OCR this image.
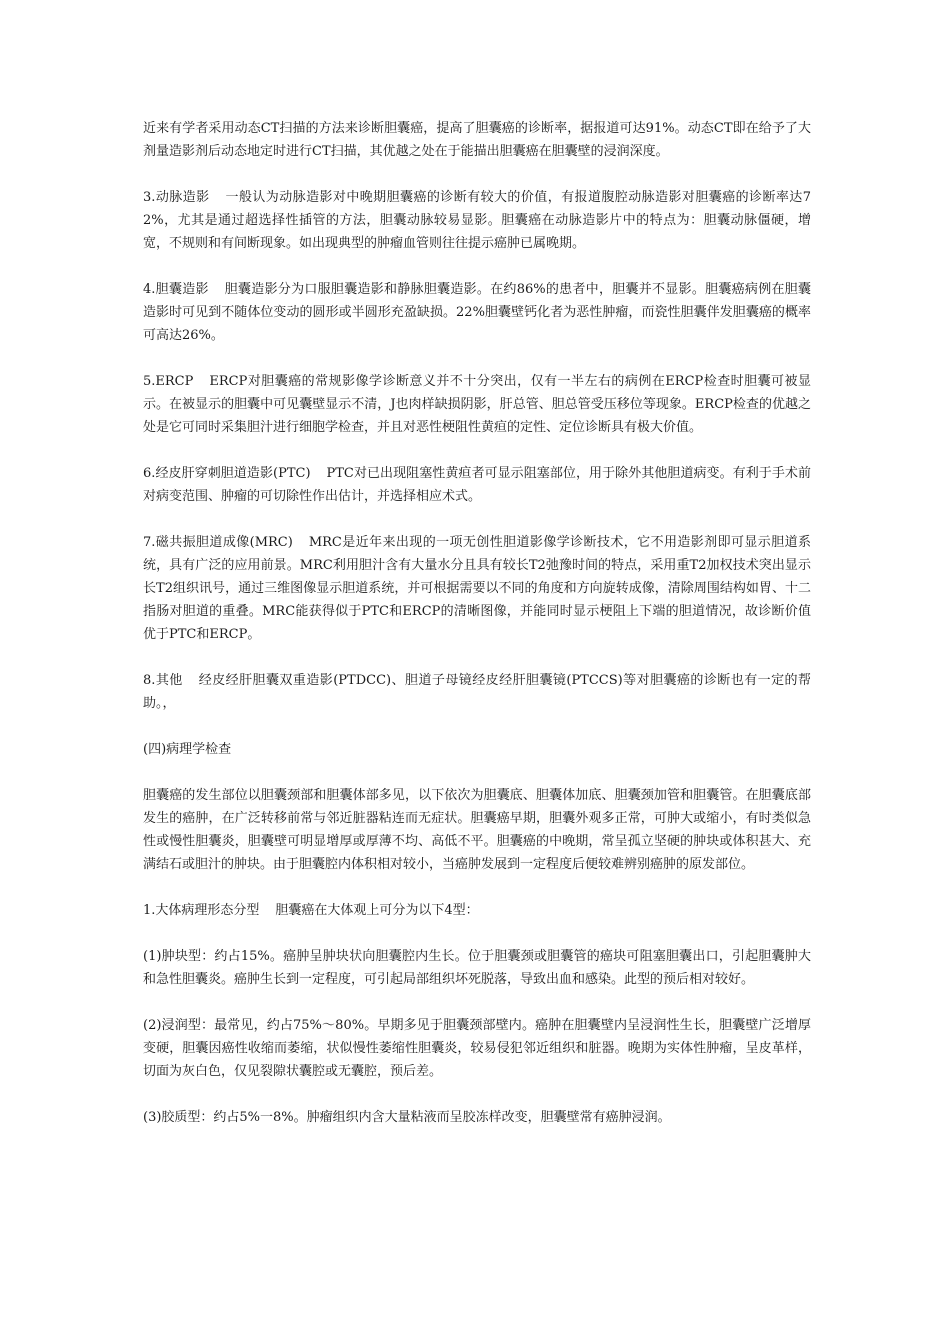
近来有学者采用动态CT扫描的方法来诊断胆囊癌，提高了胆囊癌的诊断率，据报道可达91%。动态CT即在给予了大剂量造影剂后动态地定时进行CT扫描，其优越之处在于能描出胆囊癌在胆囊壁的浸润深度。

3.动脉造影 一般认为动脉造影对中晚期胆囊癌的诊断有较大的价值，有报道腹腔动脉造影对胆囊癌的诊断率达72%，尤其是通过超选择性插管的方法，胆囊动脉较易显影。胆囊癌在动脉造影片中的特点为：胆囊动脉僵硬，增宽，不规则和有间断现象。如出现典型的肿瘤血管则往往提示癌肿已属晚期。

4.胆囊造影 胆囊造影分为口服胆囊造影和静脉胆囊造影。在约86%的患者中，胆囊并不显影。胆囊癌病例在胆囊造影时可见到不随体位变动的圆形或半圆形充盈缺损。22%胆囊壁钙化者为恶性肿瘤，而瓷性胆囊伴发胆囊癌的概率可高达26%。

5.ERCP ERCP对胆囊癌的常规影像学诊断意义并不十分突出，仅有一半左右的病例在ERCP检查时胆囊可被显示。在被显示的胆囊中可见囊壁显示不清，J也肉样缺损阴影，肝总管、胆总管受压移位等现象。ERCP检查的优越之处是它可同时采集胆汁进行细胞学检查，并且对恶性梗阻性黄疸的定性、定位诊断具有极大价值。

6.经皮肝穿刺胆道造影(PTC) PTC对已出现阻塞性黄疸者可显示阻塞部位，用于除外其他胆道病变。有利于手术前对病变范围、肿瘤的可切除性作出估计，并选择相应术式。

7.磁共振胆道成像(MRC) MRC是近年来出现的一项无创性胆道影像学诊断技术，它不用造影剂即可显示胆道系统，具有广泛的应用前景。MRC利用胆汁含有大量水分且具有较长T2弛豫时间的特点，采用重T2加权技术突出显示长T2组织讯号，通过三维图像显示胆道系统，并可根据需要以不同的角度和方向旋转成像，清除周围结构如胃、十二指肠对胆道的重叠。MRC能获得似于PTC和ERCP的清晰图像，并能同时显示梗阻上下端的胆道情况，故诊断价值优于PTC和ERCP。

8.其他 经皮经肝胆囊双重造影(PTDCC)、胆道子母镜经皮经肝胆囊镜(PTCCS)等对胆囊癌的诊断也有一定的帮助。，

(四)病理学检查

胆囊癌的发生部位以胆囊颈部和胆囊体部多见，以下依次为胆囊底、胆囊体加底、胆囊颈加管和胆囊管。在胆囊底部发生的癌肿，在广泛转移前常与邻近脏器粘连而无症状。胆囊癌早期，胆囊外观多正常，可肿大或缩小，有时类似急性或慢性胆囊炎，胆囊壁可明显增厚或厚薄不均、高低不平。胆囊癌的中晚期，常呈孤立坚硬的肿块或体积甚大、充满结石或胆汁的肿块。由于胆囊腔内体积相对较小，当癌肿发展到一定程度后便较难辨别癌肿的原发部位。

1.大体病理形态分型 胆囊癌在大体观上可分为以下4型：

(1)肿块型：约占15%。癌肿呈肿块状向胆囊腔内生长。位于胆囊颈或胆囊管的癌块可阻塞胆囊出口，引起胆囊肿大和急性胆囊炎。癌肿生长到一定程度，可引起局部组织坏死脱落，导致出血和感染。此型的预后相对较好。

(2)浸润型：最常见，约占75%～80%。早期多见于胆囊颈部壁内。癌肿在胆囊壁内呈浸润性生长，胆囊壁广泛增厚变硬，胆囊因癌性收缩而萎缩，状似慢性萎缩性胆囊炎，较易侵犯邻近组织和脏器。晚期为实体性肿瘤，呈皮革样，切面为灰白色，仅见裂隙状囊腔或无囊腔，预后差。

(3)胶质型：约占5%一8%。肿瘤组织内含大量粘液而呈胶冻样改变，胆囊壁常有癌肿浸润。
